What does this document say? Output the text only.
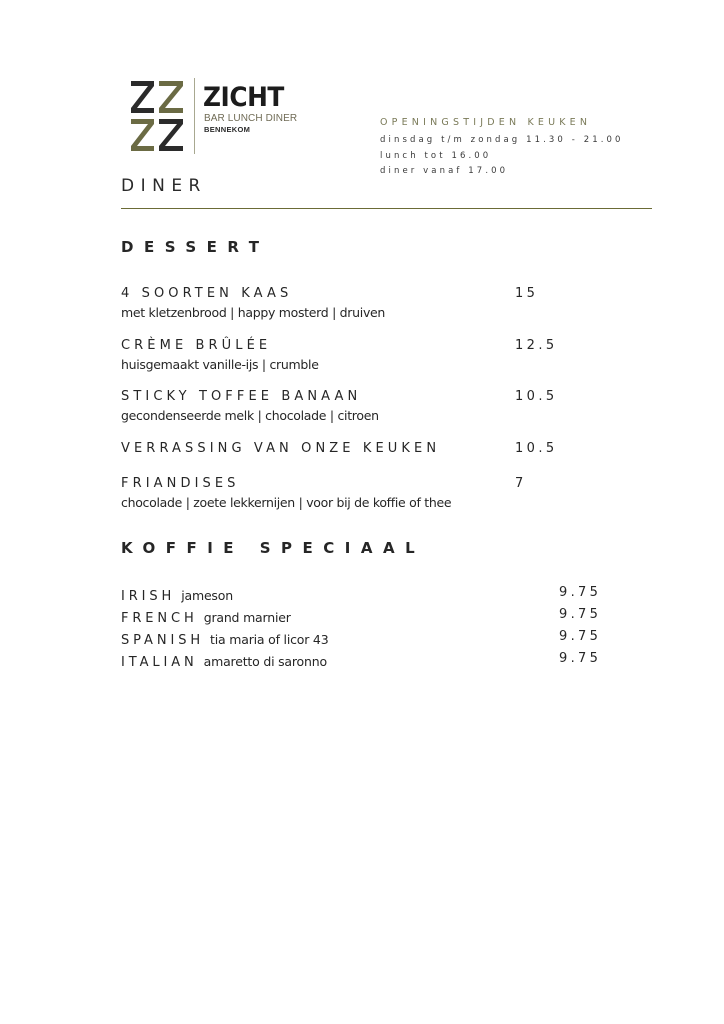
ZICHT
BAR LUNCH DINER
BENNEKOM
OPENINGSTIJDEN KEUKEN
dinsdag t/m zondag 11.30 - 21.00
lunch tot 16.00
diner vanaf 17.00
DINER
DESSERT
4 SOORTEN KAAS	15
met kletzenbrood | happy mosterd | druiven
CRÈME BRÛLÉE	12.5
huisgemaakt vanille-ijs | crumble
STICKY TOFFEE BANAAN	10.5
gecondenseerde melk | chocolade | citroen
VERRASSING VAN ONZE KEUKEN	10.5
FRIANDISES	7
chocolade | zoete lekkernijen | voor bij de koffie of thee
KOFFIE SPECIAAL
IRISH jameson	9.75
FRENCH grand marnier	9.75
SPANISH tia maria of licor 43	9.75
ITALIAN amaretto di saronno	9.75
